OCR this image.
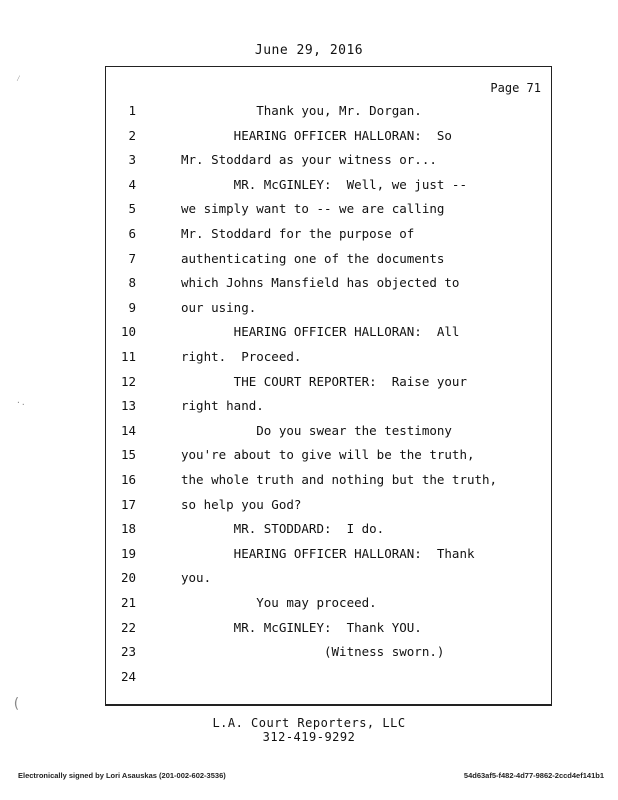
June 29, 2016
Page 71
1	Thank you, Mr. Dorgan.
2	HEARING OFFICER HALLORAN:  So
3	Mr. Stoddard as your witness or...
4	MR. McGINLEY:  Well, we just --
5	we simply want to -- we are calling
6	Mr. Stoddard for the purpose of
7	authenticating one of the documents
8	which Johns Mansfield has objected to
9	our using.
10	HEARING OFFICER HALLORAN:  All
11	right.  Proceed.
12	THE COURT REPORTER:  Raise your
13	right hand.
14	Do you swear the testimony
15	you're about to give will be the truth,
16	the whole truth and nothing but the truth,
17	so help you God?
18	MR. STODDARD:  I do.
19	HEARING OFFICER HALLORAN:  Thank
20	you.
21	You may proceed.
22	MR. McGINLEY:  Thank YOU.
23	(Witness sworn.)
24
L.A. Court Reporters, LLC
312-419-9292
Electronically signed by Lori Asauskas (201-002-602-3536)	54d63af5-f482-4d77-9862-2ccd4ef141b1
⁄
·.
(
